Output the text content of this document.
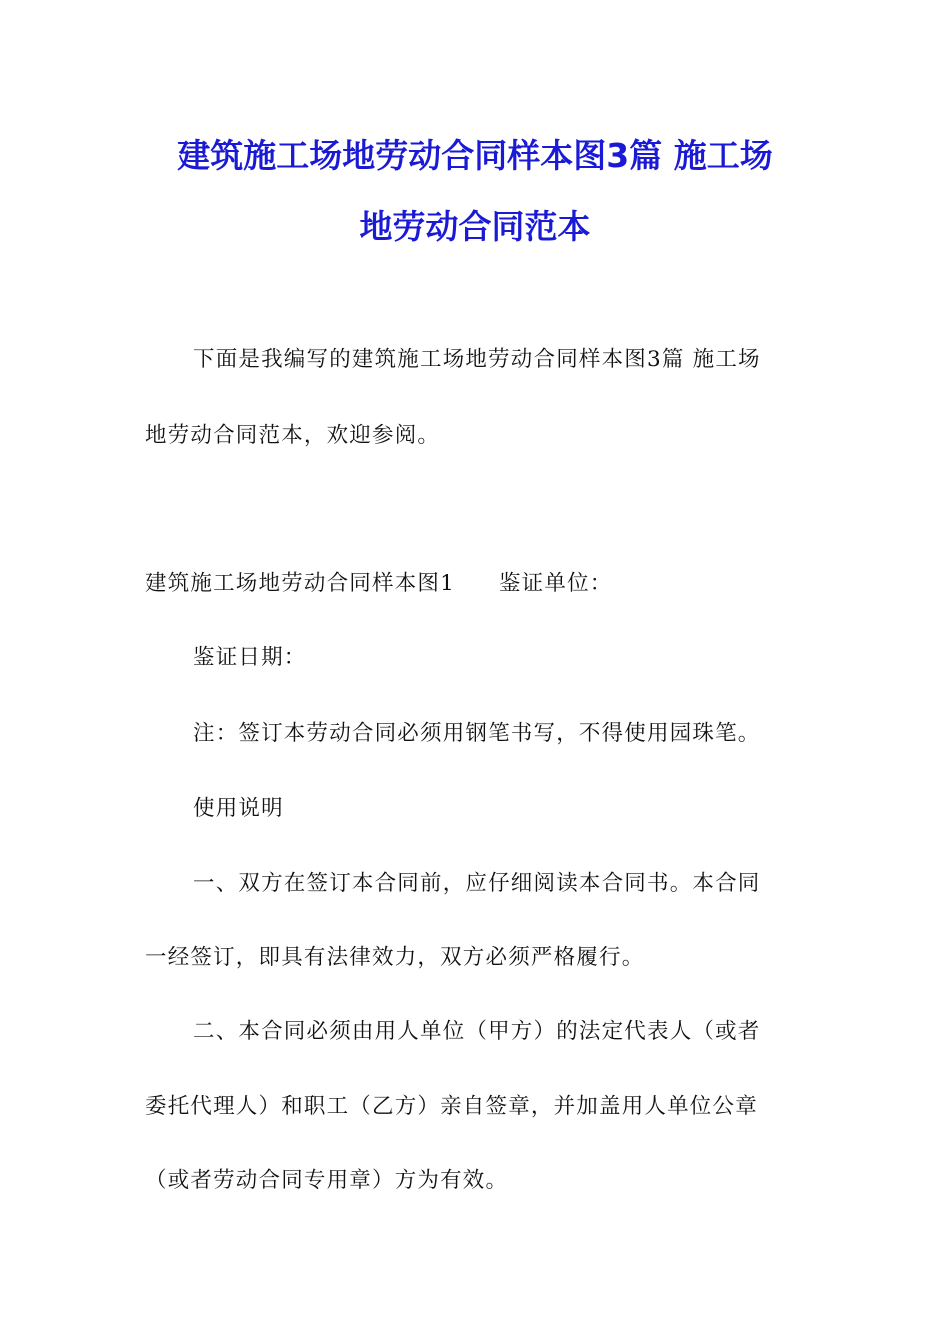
建筑施工场地劳动合同样本图3篇 施工场
地劳动合同范本
下面是我编写的建筑施工场地劳动合同样本图3篇 施工场
地劳动合同范本，欢迎参阅。
建筑施工场地劳动合同样本图1 鉴证单位：
鉴证日期：
注：签订本劳动合同必须用钢笔书写，不得使用园珠笔。
使用说明
一、双方在签订本合同前，应仔细阅读本合同书。本合同
一经签订，即具有法律效力，双方必须严格履行。
二、本合同必须由用人单位（甲方）的法定代表人（或者
委托代理人）和职工（乙方）亲自签章，并加盖用人单位公章
（或者劳动合同专用章）方为有效。
